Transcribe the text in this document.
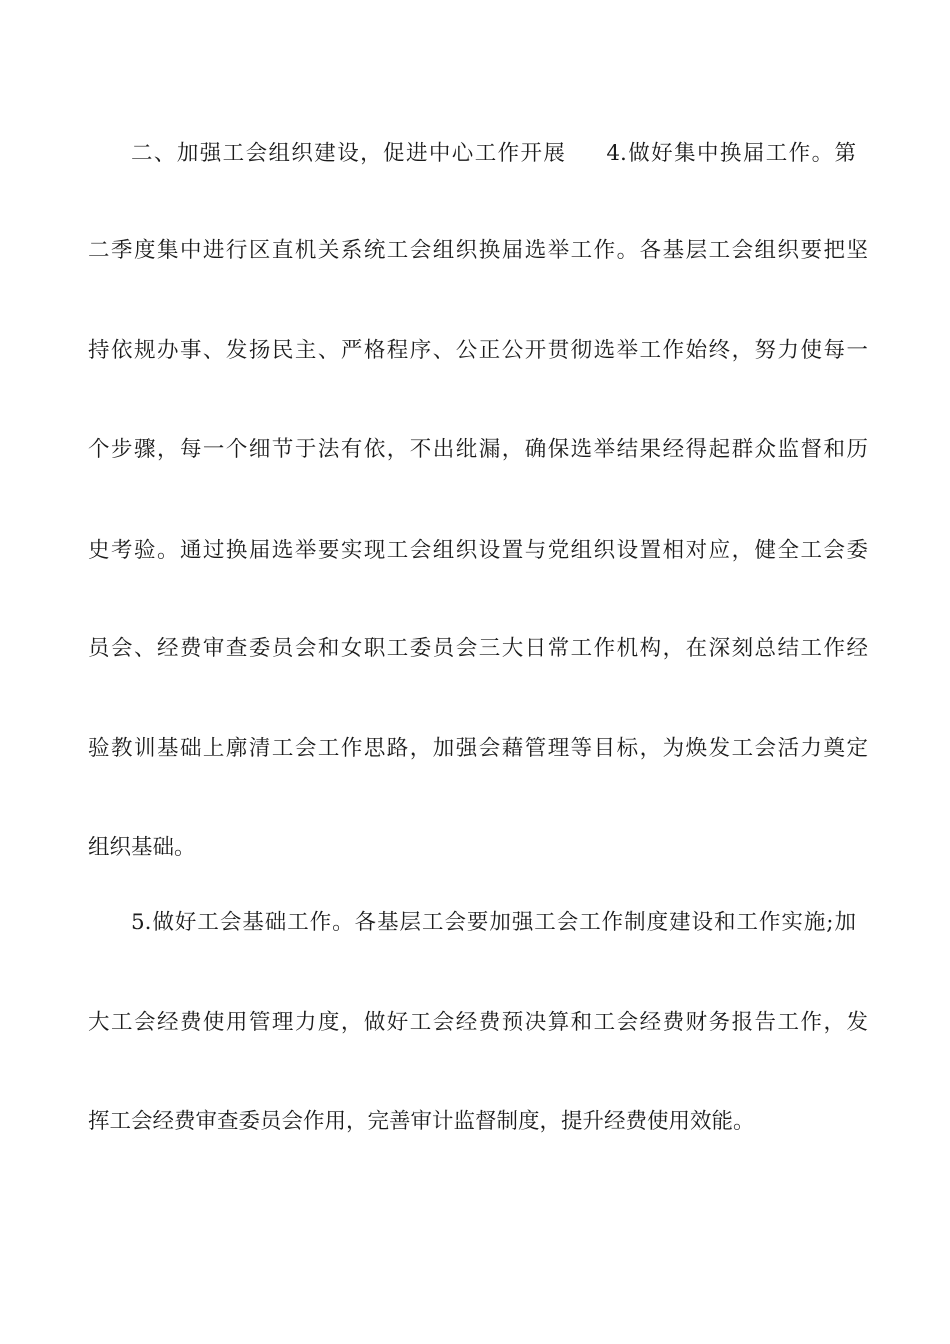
二、加强工会组织建设，促进中心工作开展 4.做好集中换届工作。第
二季度集中进行区直机关系统工会组织换届选举工作。各基层工会组织要把坚
持依规办事、发扬民主、严格程序、公正公开贯彻选举工作始终，努力使每一
个步骤，每一个细节于法有依，不出纰漏，确保选举结果经得起群众监督和历
史考验。通过换届选举要实现工会组织设置与党组织设置相对应，健全工会委
员会、经费审查委员会和女职工委员会三大日常工作机构，在深刻总结工作经
验教训基础上廓清工会工作思路，加强会藉管理等目标，为焕发工会活力奠定
组织基础。
5.做好工会基础工作。各基层工会要加强工会工作制度建设和工作实施;加
大工会经费使用管理力度，做好工会经费预决算和工会经费财务报告工作，发
挥工会经费审查委员会作用，完善审计监督制度，提升经费使用效能。
